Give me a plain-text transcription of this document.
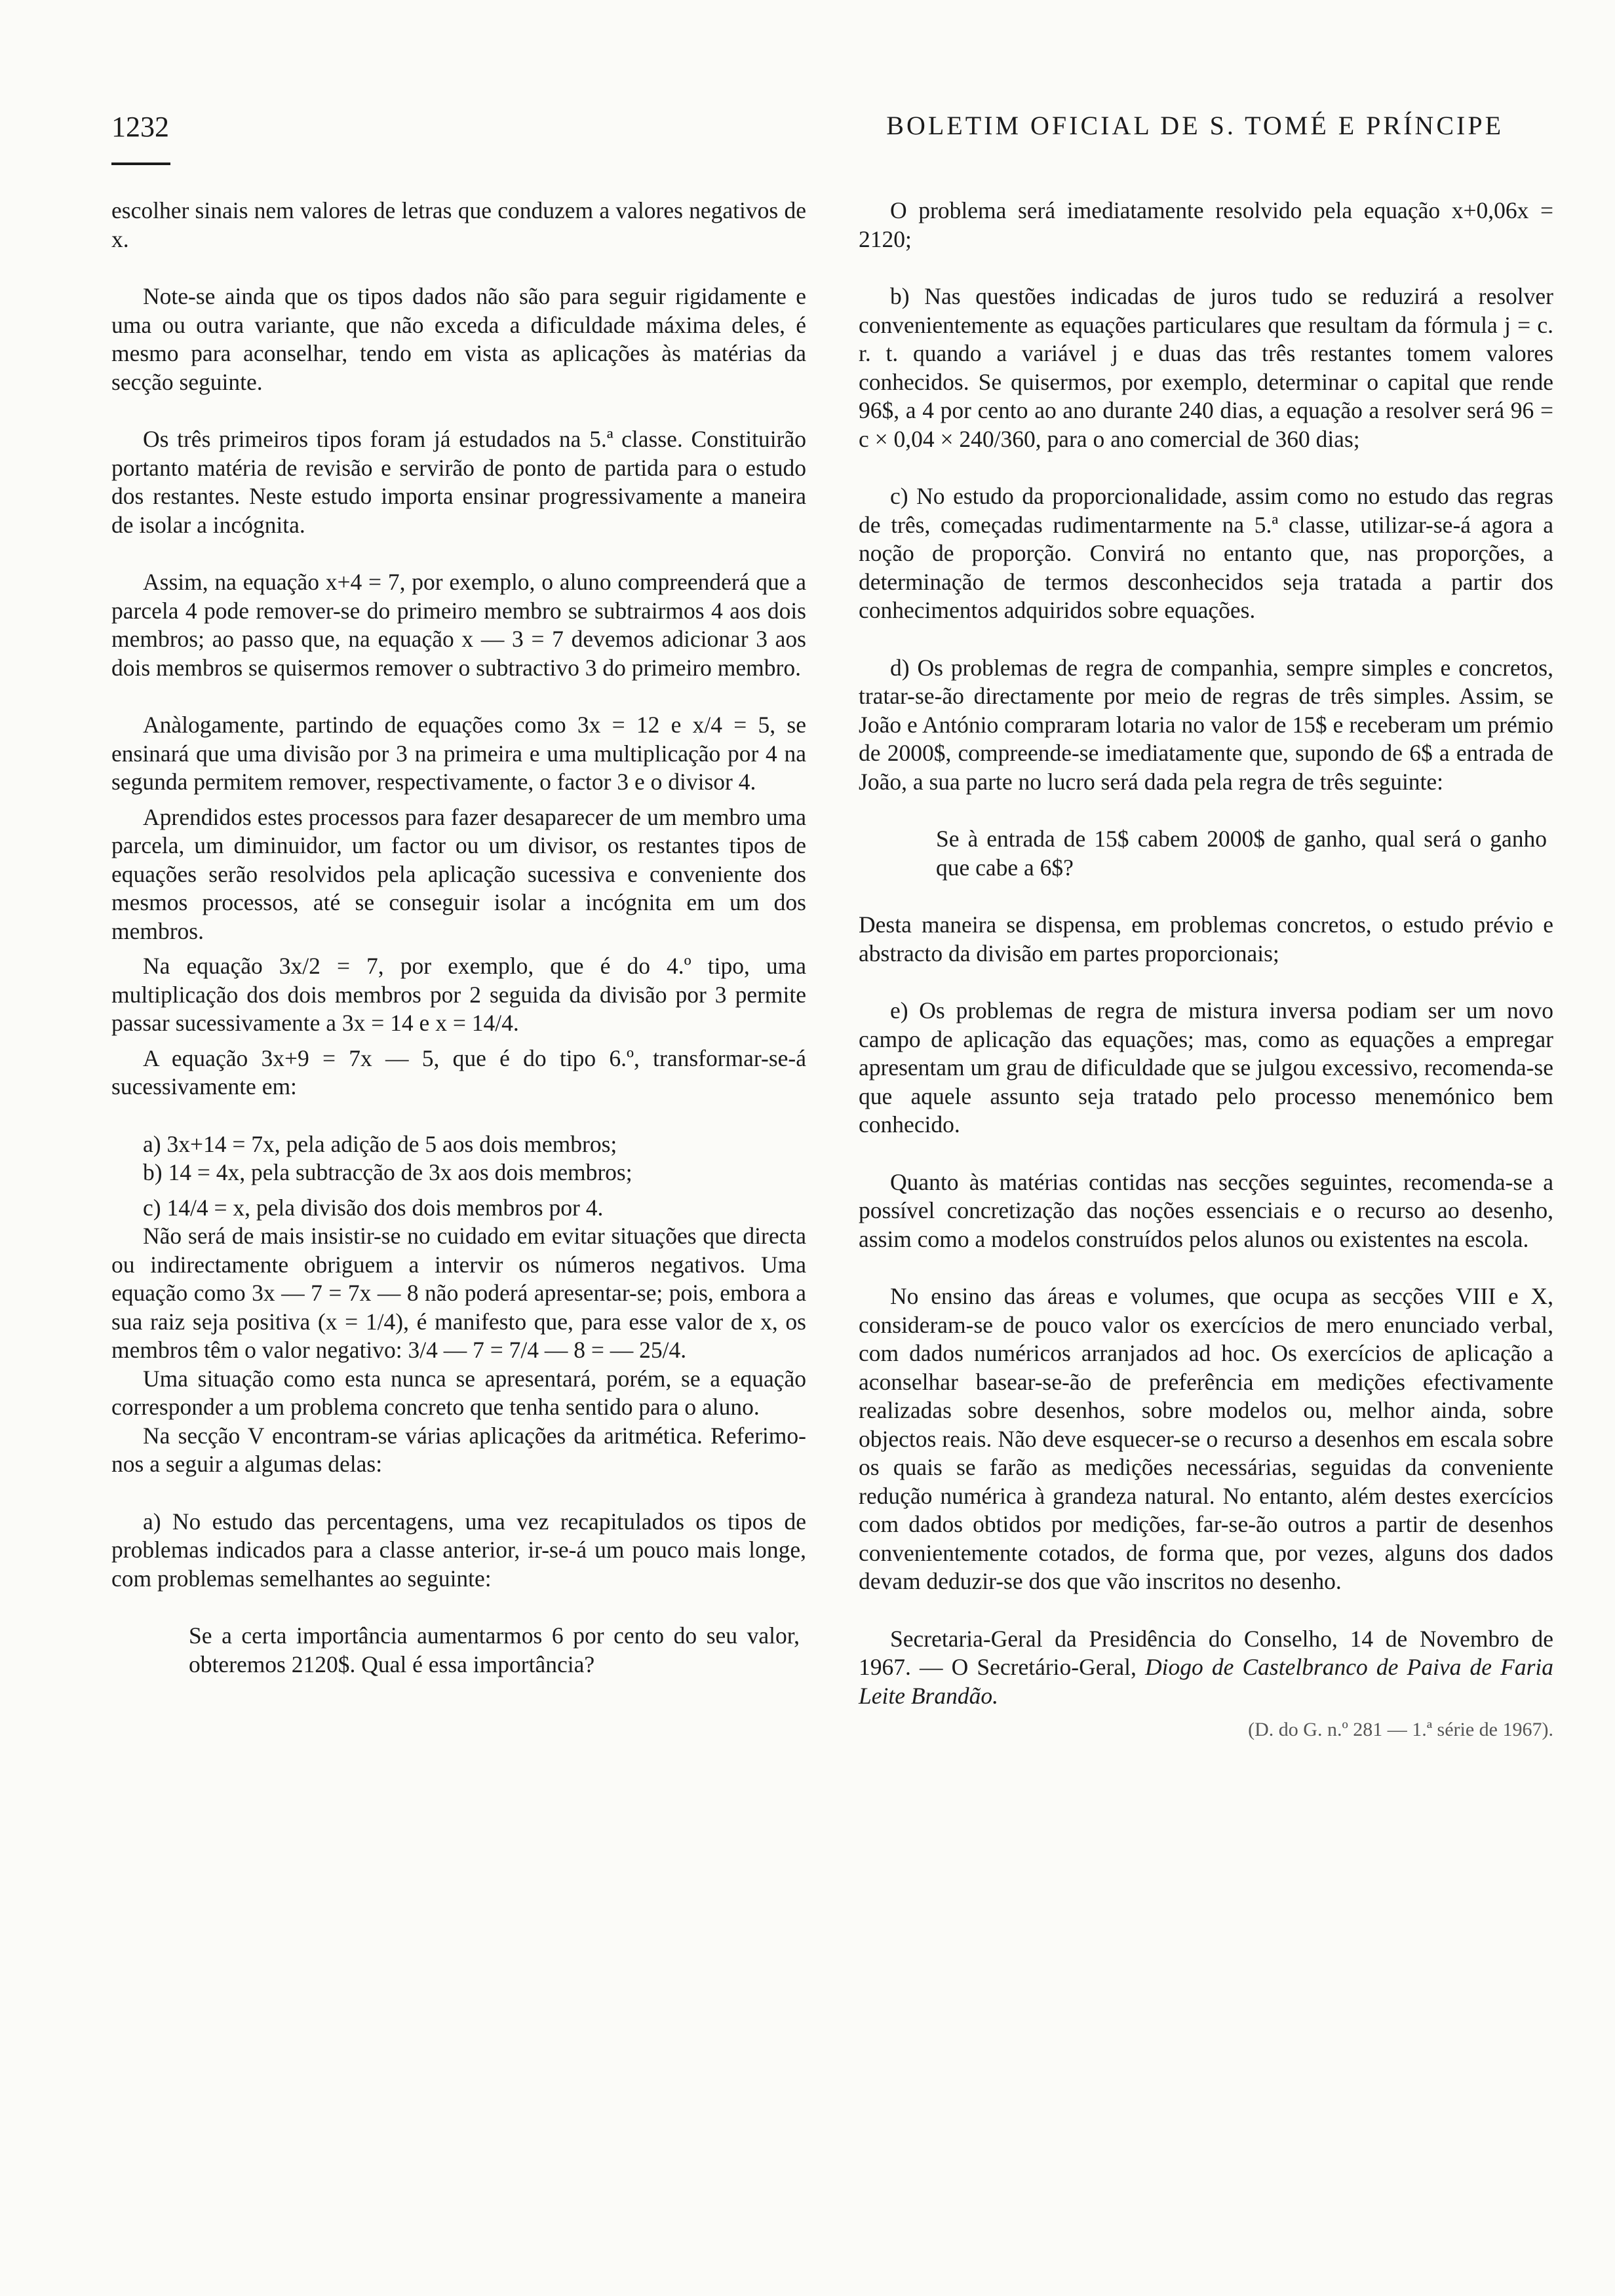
1232	BOLETIM OFICIAL DE S. TOMÉ E PRÍNCIPE

escolher sinais nem valores de letras que conduzem a valores negativos de x.

Note-se ainda que os tipos dados não são para seguir rigidamente e uma ou outra variante, que não exceda a dificuldade máxima deles, é mesmo para aconselhar, tendo em vista as aplicações às matérias da secção seguinte.

Os três primeiros tipos foram já estudados na 5.ª classe. Constituirão portanto matéria de revisão e servirão de ponto de partida para o estudo dos restantes. Neste estudo importa ensinar progressivamente a maneira de isolar a incógnita.

Assim, na equação x+4 = 7, por exemplo, o aluno compreenderá que a parcela 4 pode remover-se do primeiro membro se subtrairmos 4 aos dois membros; ao passo que, na equação x — 3 = 7 devemos adicionar 3 aos dois membros se quisermos remover o subtractivo 3 do primeiro membro.

Anàlogamente, partindo de equações como 3x = 12 e x/4 = 5, se ensinará que uma divisão por 3 na primeira e uma multiplicação por 4 na segunda permitem remover, respectivamente, o factor 3 e o divisor 4.

Aprendidos estes processos para fazer desaparecer de um membro uma parcela, um diminuidor, um factor ou um divisor, os restantes tipos de equações serão resolvidos pela aplicação sucessiva e conveniente dos mesmos processos, até se conseguir isolar a incógnita em um dos membros.

Na equação 3x/2 = 7, por exemplo, que é do 4.º tipo, uma multiplicação dos dois membros por 2 seguida da divisão por 3 permite passar sucessivamente a 3x = 14 e x = 14/4.

A equação 3x+9 = 7x — 5, que é do tipo 6.º, transformar-se-á sucessivamente em:

a) 3x+14 = 7x, pela adição de 5 aos dois membros;

b) 14 = 4x, pela subtracção de 3x aos dois membros;

c) 14/4 = x, pela divisão dos dois membros por 4.

Não será de mais insistir-se no cuidado em evitar situações que directa ou indirectamente obriguem a intervir os números negativos. Uma equação como 3x — 7 = 7x — 8 não poderá apresentar-se; pois, embora a sua raiz seja positiva (x = 1/4), é manifesto que, para esse valor de x, os membros têm o valor negativo: 3/4 — 7 = 7/4 — 8 = — 25/4.

Uma situação como esta nunca se apresentará, porém, se a equação corresponder a um problema concreto que tenha sentido para o aluno.

Na secção V encontram-se várias aplicações da aritmética. Referimo-nos a seguir a algumas delas:

a) No estudo das percentagens, uma vez recapitulados os tipos de problemas indicados para a classe anterior, ir-se-á um pouco mais longe, com problemas semelhantes ao seguinte:

Se a certa importância aumentarmos 6 por cento do seu valor, obteremos 2120$. Qual é essa importância?

O problema será imediatamente resolvido pela equação x+0,06x = 2120;

b) Nas questões indicadas de juros tudo se reduzirá a resolver convenientemente as equações particulares que resultam da fórmula j = c. r. t. quando a variável j e duas das três restantes tomem valores conhecidos. Se quisermos, por exemplo, determinar o capital que rende 96$, a 4 por cento ao ano durante 240 dias, a equação a resolver será 96 = c × 0,04 × 240/360, para o ano comercial de 360 dias;

c) No estudo da proporcionalidade, assim como no estudo das regras de três, começadas rudimentarmente na 5.ª classe, utilizar-se-á agora a noção de proporção. Convirá no entanto que, nas proporções, a determinação de termos desconhecidos seja tratada a partir dos conhecimentos adquiridos sobre equações.

d) Os problemas de regra de companhia, sempre simples e concretos, tratar-se-ão directamente por meio de regras de três simples. Assim, se João e António compraram lotaria no valor de 15$ e receberam um prémio de 2000$, compreende-se imediatamente que, supondo de 6$ a entrada de João, a sua parte no lucro será dada pela regra de três seguinte:

Se à entrada de 15$ cabem 2000$ de ganho, qual será o ganho que cabe a 6$?

Desta maneira se dispensa, em problemas concretos, o estudo prévio e abstracto da divisão em partes proporcionais;

e) Os problemas de regra de mistura inversa podiam ser um novo campo de aplicação das equações; mas, como as equações a empregar apresentam um grau de dificuldade que se julgou excessivo, recomenda-se que aquele assunto seja tratado pelo processo menemónico bem conhecido.

Quanto às matérias contidas nas secções seguintes, recomenda-se a possível concretização das noções essenciais e o recurso ao desenho, assim como a modelos construídos pelos alunos ou existentes na escola.

No ensino das áreas e volumes, que ocupa as secções VIII e X, consideram-se de pouco valor os exercícios de mero enunciado verbal, com dados numéricos arranjados ad hoc. Os exercícios de aplicação a aconselhar basear-se-ão de preferência em medições efectivamente realizadas sobre desenhos, sobre modelos ou, melhor ainda, sobre objectos reais. Não deve esquecer-se o recurso a desenhos em escala sobre os quais se farão as medições necessárias, seguidas da conveniente redução numérica à grandeza natural. No entanto, além destes exercícios com dados obtidos por medições, far-se-ão outros a partir de desenhos convenientemente cotados, de forma que, por vezes, alguns dos dados devam deduzir-se dos que vão inscritos no desenho.

Secretaria-Geral da Presidência do Conselho, 14 de Novembro de 1967. — O Secretário-Geral, Diogo de Castelbranco de Paiva de Faria Leite Brandão.

(D. do G. n.º 281 — 1.ª série de 1967).
